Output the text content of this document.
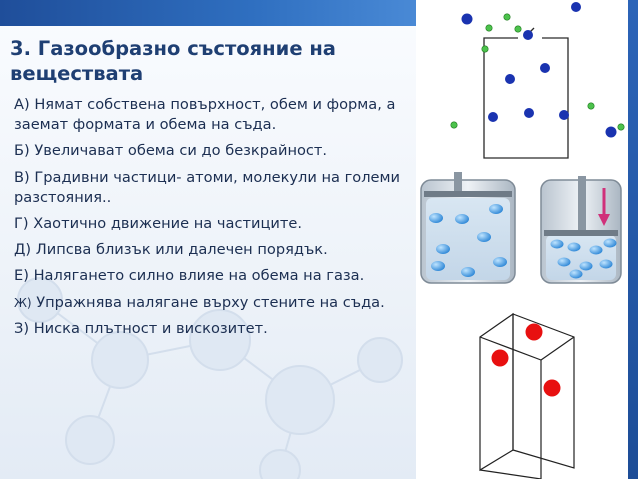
3. Газообразно състояние на веществата
А) Нямат собствена повърхност, обем и форма, а заемат формата и обема на съда.
Б) Увеличават обема си до безкрайност.
В) Градивни частици- атоми, молекули на големи разстояния..
Г) Хаотично движение на частиците.
Д) Липсва близък или далечен порядък.
Е) Налягането силно влияе на обема на газа.
Ж) Упражнява налягане върху стените на съда.
З) Ниска плътност и вискозитет.
